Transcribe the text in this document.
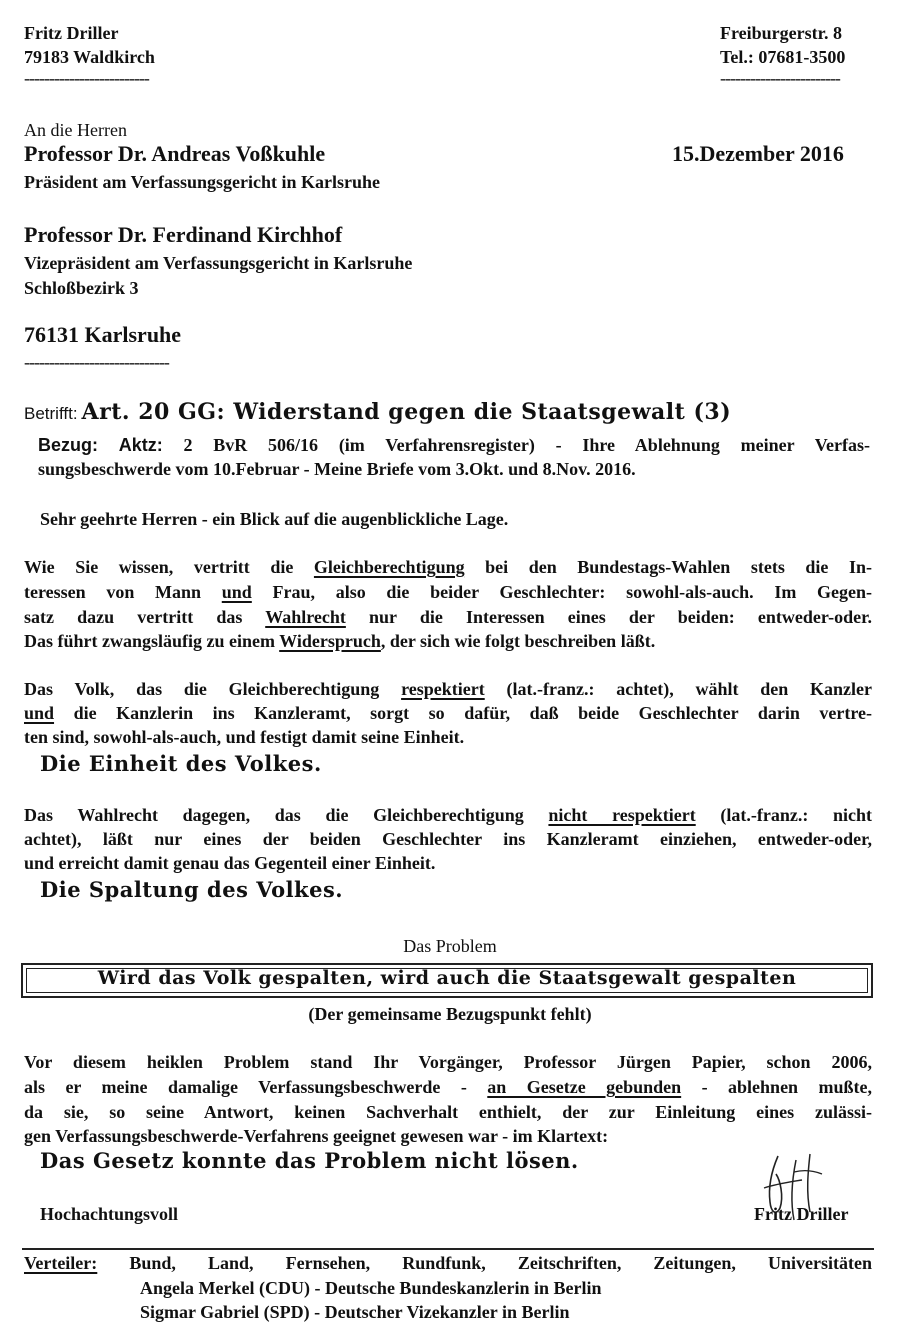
Fritz Driller
79183 Waldkirch
-------------------------
Freiburgerstr. 8
Tel.: 07681-3500
------------------------
An die Herren
Professor Dr. Andreas Voßkuhle
Präsident am Verfassungsgericht in Karlsruhe
15.Dezember 2016
Professor Dr. Ferdinand Kirchhof
Vizepräsident am Verfassungsgericht in Karlsruhe
Schloßbezirk 3
76131 Karlsruhe
-----------------------------
Betrifft: Art. 20 GG: Widerstand gegen die Staatsgewalt (3)
Bezug: Aktz: 2 BvR 506/16 (im Verfahrensregister) - Ihre Ablehnung meiner Verfas-
sungsbeschwerde vom 10.Februar - Meine Briefe vom 3.Okt. und 8.Nov. 2016.
Sehr geehrte Herren - ein Blick auf die augenblickliche Lage.
Wie Sie wissen, vertritt die Gleichberechtigung bei den Bundestags-Wahlen stets die In-
teressen von Mann und Frau, also die beider Geschlechter: sowohl-als-auch. Im Gegen-
satz dazu vertritt das Wahlrecht nur die Interessen eines der beiden: entweder-oder.
Das führt zwangsläufig zu einem Widerspruch, der sich wie folgt beschreiben läßt.
Das Volk, das die Gleichberechtigung respektiert (lat.-franz.: achtet), wählt den Kanzler
und die Kanzlerin ins Kanzleramt, sorgt so dafür, daß beide Geschlechter darin vertre-
ten sind, sowohl-als-auch, und festigt damit seine Einheit.
Die Einheit des Volkes.
Das Wahlrecht dagegen, das die Gleichberechtigung nicht respektiert (lat.-franz.: nicht
achtet), läßt nur eines der beiden Geschlechter ins Kanzleramt einziehen, entweder-oder,
und erreicht damit genau das Gegenteil einer Einheit.
Die Spaltung des Volkes.
Das Problem
Wird das Volk gespalten, wird auch die Staatsgewalt gespalten
(Der gemeinsame Bezugspunkt fehlt)
Vor diesem heiklen Problem stand Ihr Vorgänger, Professor Jürgen Papier, schon 2006,
als er meine damalige Verfassungsbeschwerde - an Gesetze gebunden - ablehnen mußte,
da sie, so seine Antwort, keinen Sachverhalt enthielt, der zur Einleitung eines zulässi-
gen Verfassungsbeschwerde-Verfahrens geeignet gewesen war - im Klartext:
Das Gesetz konnte das Problem nicht lösen.
Hochachtungsvoll	Fritz Driller
Verteiler: Bund, Land, Fernsehen, Rundfunk, Zeitschriften, Zeitungen, Universitäten
Angela Merkel (CDU) - Deutsche Bundeskanzlerin in Berlin
Sigmar Gabriel (SPD) - Deutscher Vizekanzler in Berlin
